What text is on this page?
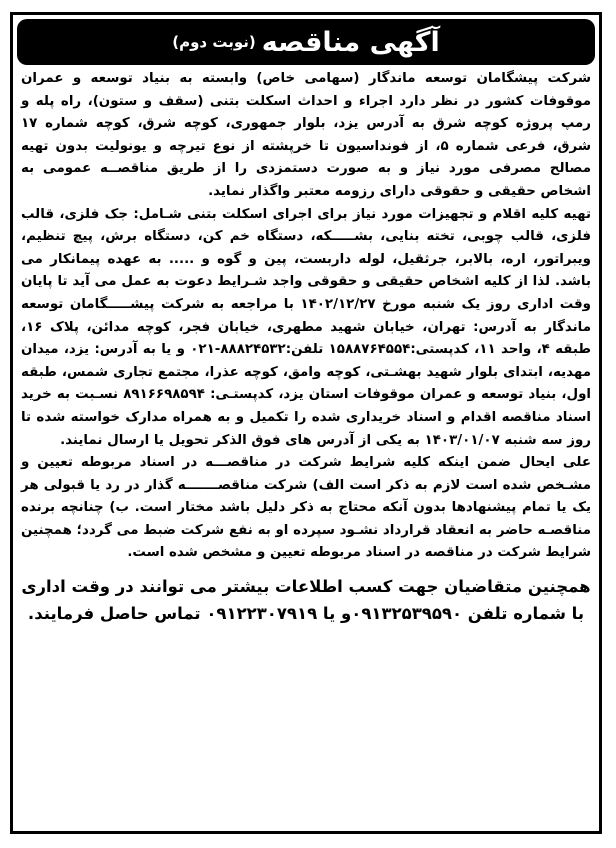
آگهی مناقصه
(نوبت دوم)

شرکت پیشگامان توسعه ماندگار (سهامی خاص) وابسته به بنیاد توسعه و عمران موقوفات کشور در نظر دارد اجراء و احداث اسکلت بتنی (سقف و ستون)، راه پله و رمپ پروژه کوچه شرق به آدرس یزد، بلوار جمهوری، کوچه شرق، کوچه شماره ۱۷ شرق، فرعی شماره ۵، از فونداسیون تا خرپشته از نوع تیرچه و یونولیت بدون تهیه مصالح مصرفی مورد نیاز و به صورت دستمزدی را از طریق مناقصــه عمومی به اشخاص حقیقی و حقوقی دارای رزومه معتبر واگذار نماید.

تهیه کلیه اقلام و تجهیزات مورد نیاز برای اجرای اسکلت بتنی شـامل: جک فلزی، قالب فلزی، قالب چوبی، تخته بنایی، بشـــــکه، دستگاه خم کن، دستگاه برش، پیچ تنظیم، ویبراتور، اره، بالابر، جرثقیل، لوله داربست، پین و گوه و ..... به عهده پیمانکار می باشد. لذا از کلیه اشخاص حقیقی و حقوقی واجد شـرایط دعوت به عمل می آید تا پایان وقت اداری روز یک شنبه مورخ ۱۴۰۲/۱۲/۲۷ با مراجعه به شرکت پیشـــــگامان توسعه ماندگار به آدرس: تهران، خیابان شهید مطهری، خیابان فجر، کوچه مدائن، پلاک ۱۶، طبقه ۴، واحد ۱۱، کدپستی:۱۵۸۸۷۶۴۵۵۴ تلفن:۸۸۸۲۴۵۳۲-۰۲۱ و یا به آدرس: یزد، میدان مهدیه، ابتدای بلوار شهید بهشـتی، کوچه وامق، کوچه عذرا، مجتمع تجاری شمس، طبقه اول، بنیاد توسعه و عمران موقوفات استان یزد، کدپستـی: ۸۹۱۶۶۹۸۵۹۴ نسـبت به خرید اسناد مناقصه اقدام و اسناد خریداری شده را تکمیل و به همراه مدارک خواسته شده تا روز سه شنبه ۱۴۰۳/۰۱/۰۷ به یکی از آدرس های فوق الذکر تحویل یا ارسال نمایند.

علی ایحال ضمن اینکه کلیه شرایط شرکت در مناقصـــه در اسناد مربوطه تعیین و مشـخص شده است لازم به ذکر است الف) شرکت مناقصـــــــه گذار در رد یا قبولی هر یک یا تمام پیشنهادها بدون آنکه محتاج به ذکر دلیل باشد مختار است. ب) چنانچه برنده مناقصـه حاضر به انعقاد قرارداد نشـود سپرده او به نفع شرکت ضبط می گردد؛ همچنین شرایط شرکت در مناقصه در اسناد مربوطه تعیین و مشخص شده است.

همچنین متقاضیان جهت کسب اطلاعات بیشتر می توانند در وقت اداری با شماره تلفن ۰۹۱۳۲۵۳۹۵۹۰و یا ۰۹۱۲۲۳۰۷۹۱۹ تماس حاصل فرمایند.
